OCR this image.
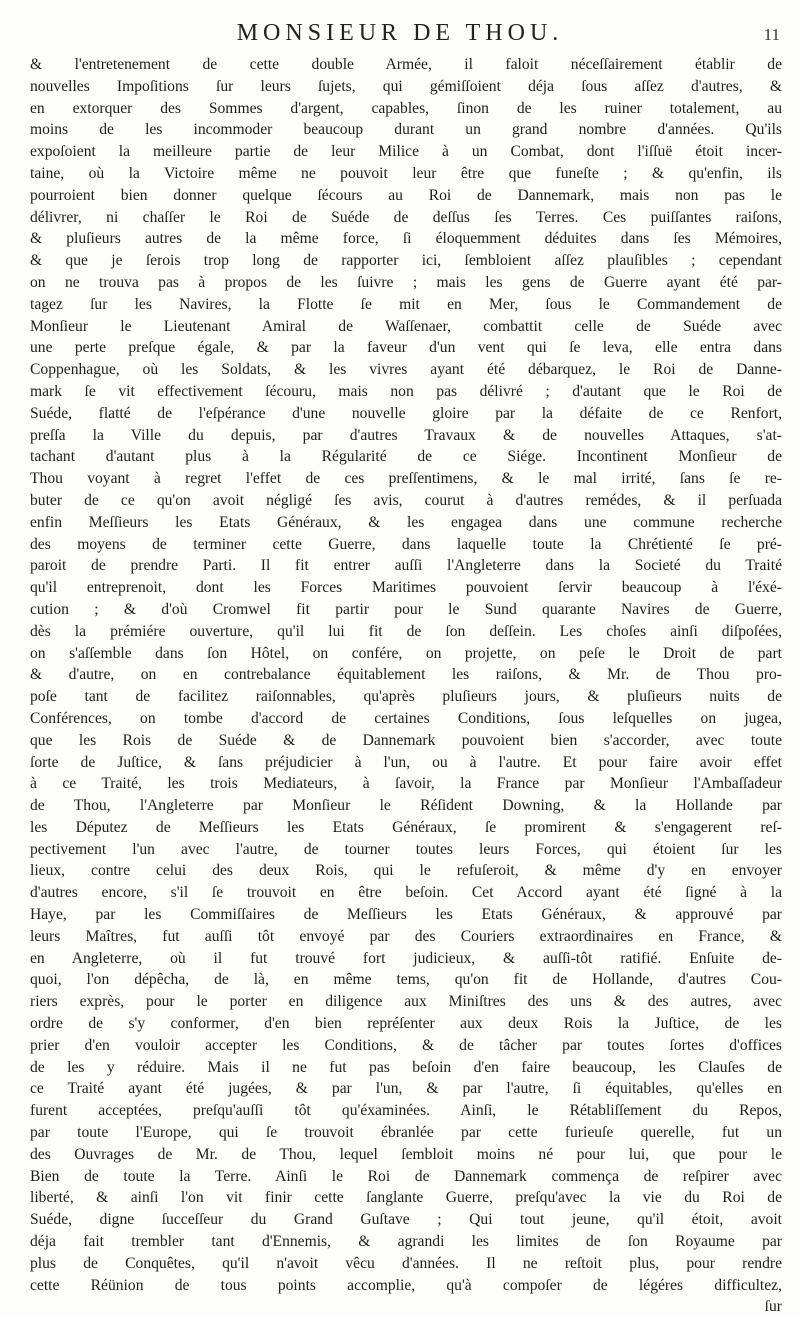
MONSIEUR DE THOU.	11
& l'entretenement de cette double Armée, il faloit néceſſairement établir de
nouvelles Impoſitions ſur leurs ſujets, qui gémiſſoient déja ſous aſſez d'autres, &
en extorquer des Sommes d'argent, capables, ſinon de les ruiner totalement, au
moins de les incommoder beaucoup durant un grand nombre d'années. Qu'ils
expoſoient la meilleure partie de leur Milice à un Combat, dont l'iſſuë étoit incer-
taine, où la Victoire même ne pouvoit leur être que funeſte ; & qu'enfin, ils
pourroient bien donner quelque ſécours au Roi de Dannemark, mais non pas le
délivrer, ni chaſſer le Roi de Suéde de deſſus ſes Terres. Ces puiſſantes raiſons,
& pluſieurs autres de la même force, ſi éloquemment déduites dans ſes Mémoires,
& que je ſerois trop long de rapporter ici, ſembloient aſſez plauſibles ; cependant
on ne trouva pas à propos de les ſuivre ; mais les gens de Guerre ayant été par-
tagez ſur les Navires, la Flotte ſe mit en Mer, ſous le Commandement de
Monſieur le Lieutenant Amiral de Waſſenaer, combattit celle de Suéde avec
une perte preſque égale, & par la faveur d'un vent qui ſe leva, elle entra dans
Coppenhague, où les Soldats, & les vivres ayant été débarquez, le Roi de Danne-
mark ſe vit effectivement ſécouru, mais non pas délivré ; d'autant que le Roi de
Suéde, flatté de l'eſpérance d'une nouvelle gloire par la défaite de ce Renfort,
preſſa la Ville du depuis, par d'autres Travaux & de nouvelles Attaques, s'at-
tachant d'autant plus à la Régularité de ce Siége. Incontinent Monſieur de
Thou voyant à regret l'effet de ces preſſentimens, & le mal irrité, ſans ſe re-
buter de ce qu'on avoit négligé ſes avis, courut à d'autres remédes, & il perſuada
enfin Meſſieurs les Etats Généraux, & les engagea dans une commune recherche
des moyens de terminer cette Guerre, dans laquelle toute la Chrétienté ſe pré-
paroit de prendre Parti. Il fit entrer auſſi l'Angleterre dans la Societé du Traité
qu'il entreprenoit, dont les Forces Maritimes pouvoient ſervir beaucoup à l'éxé-
cution ; & d'où Cromwel fit partir pour le Sund quarante Navires de Guerre,
dès la prémiére ouverture, qu'il lui fit de ſon deſſein. Les choſes ainſi diſpoſées,
on s'aſſemble dans ſon Hôtel, on confére, on projette, on peſe le Droit de part
& d'autre, on en contrebalance équitablement les raiſons, & Mr. de Thou pro-
poſe tant de facilitez raiſonnables, qu'après pluſieurs jours, & pluſieurs nuits de
Conférences, on tombe d'accord de certaines Conditions, ſous leſquelles on jugea,
que les Rois de Suéde & de Dannemark pouvoient bien s'accorder, avec toute
ſorte de Juſtice, & ſans préjudicier à l'un, ou à l'autre. Et pour faire avoir effet
à ce Traité, les trois Mediateurs, à ſavoir, la France par Monſieur l'Ambaſſadeur
de Thou, l'Angleterre par Monſieur le Réſident Downing, & la Hollande par
les Députez de Meſſieurs les Etats Généraux, ſe promirent & s'engagerent reſ-
pectivement l'un avec l'autre, de tourner toutes leurs Forces, qui étoient ſur les
lieux, contre celui des deux Rois, qui le refuſeroit, & même d'y en envoyer
d'autres encore, s'il ſe trouvoit en être beſoin. Cet Accord ayant été ſigné à la
Haye, par les Commiſſaires de Meſſieurs les Etats Généraux, & approuvé par
leurs Maîtres, fut auſſi tôt envoyé par des Couriers extraordinaires en France, &
en Angleterre, où il fut trouvé fort judicieux, & auſſi-tôt ratifié. Enſuite de-
quoi, l'on dépêcha, de là, en même tems, qu'on fit de Hollande, d'autres Cou-
riers exprès, pour le porter en diligence aux Miniſtres des uns & des autres, avec
ordre de s'y conformer, d'en bien repréſenter aux deux Rois la Juſtice, de les
prier d'en vouloir accepter les Conditions, & de tâcher par toutes ſortes d'offices
de les y réduire. Mais il ne fut pas beſoin d'en faire beaucoup, les Clauſes de
ce Traité ayant été jugées, & par l'un, & par l'autre, ſi équitables, qu'elles en
furent acceptées, preſqu'auſſi tôt qu'éxaminées. Ainſi, le Rétabliſſement du Repos,
par toute l'Europe, qui ſe trouvoit ébranlée par cette furieuſe querelle, fut un
des Ouvrages de Mr. de Thou, lequel ſembloit moins né pour lui, que pour le
Bien de toute la Terre. Ainſi le Roi de Dannemark commença de reſpirer avec
liberté, & ainſi l'on vit finir cette ſanglante Guerre, preſqu'avec la vie du Roi de
Suéde, digne ſucceſſeur du Grand Guſtave ; Qui tout jeune, qu'il étoit, avoit
déja fait trembler tant d'Ennemis, & agrandi les limites de ſon Royaume par
plus de Conquêtes, qu'il n'avoit vêcu d'années. Il ne reſtoit plus, pour rendre
cette Réünion de tous points accomplie, qu'à compoſer de légéres difficultez,
ſur
